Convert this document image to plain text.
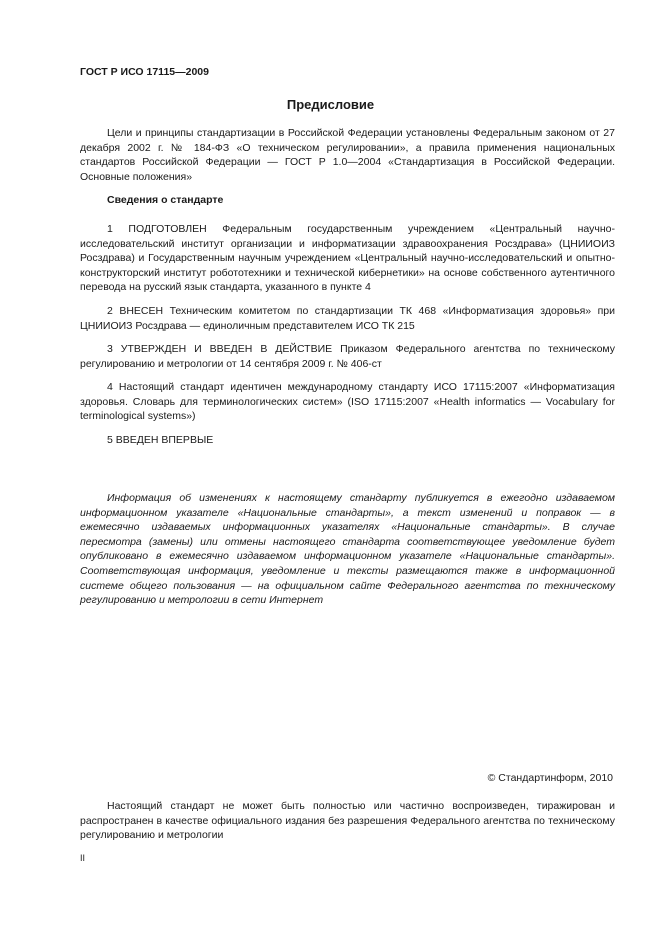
ГОСТ Р ИСО 17115—2009
Предисловие

Цели и принципы стандартизации в Российской Федерации установлены Федеральным законом от 27 декабря 2002 г. № 184-ФЗ «О техническом регулировании», а правила применения национальных стандартов Российской Федерации — ГОСТ Р 1.0—2004 «Стандартизация в Российской Федерации. Основные положения»

Сведения о стандарте

1 ПОДГОТОВЛЕН Федеральным государственным учреждением «Центральный научно-исследовательский институт организации и информатизации здравоохранения Росздрава» (ЦНИИОИЗ Росздрава) и Государственным научным учреждением «Центральный научно-исследовательский и опытно-конструкторский институт робототехники и технической кибернетики» на основе собственного аутентичного перевода на русский язык стандарта, указанного в пункте 4

2 ВНЕСЕН Техническим комитетом по стандартизации ТК 468 «Информатизация здоровья» при ЦНИИОИЗ Росздрава — единоличным представителем ИСО ТК 215

3 УТВЕРЖДЕН И ВВЕДЕН В ДЕЙСТВИЕ Приказом Федерального агентства по техническому регулированию и метрологии от 14 сентября 2009 г. № 406-ст

4 Настоящий стандарт идентичен международному стандарту ИСО 17115:2007 «Информатизация здоровья. Словарь для терминологических систем» (ISO 17115:2007 «Health informatics — Vocabulary for terminological systems»)

5 ВВЕДЕН ВПЕРВЫЕ

Информация об изменениях к настоящему стандарту публикуется в ежегодно издаваемом информационном указателе «Национальные стандарты», а текст изменений и поправок — в ежемесячно издаваемых информационных указателях «Национальные стандарты». В случае пересмотра (замены) или отмены настоящего стандарта соответствующее уведомление будет опубликовано в ежемесячно издаваемом информационном указателе «Национальные стандарты». Соответствующая информация, уведомление и тексты размещаются также в информационной системе общего пользования — на официальном сайте Федерального агентства по техническому регулированию и метрологии в сети Интернет

© Стандартинформ, 2010

Настоящий стандарт не может быть полностью или частично воспроизведен, тиражирован и распространен в качестве официального издания без разрешения Федерального агентства по техническому регулированию и метрологии

II
